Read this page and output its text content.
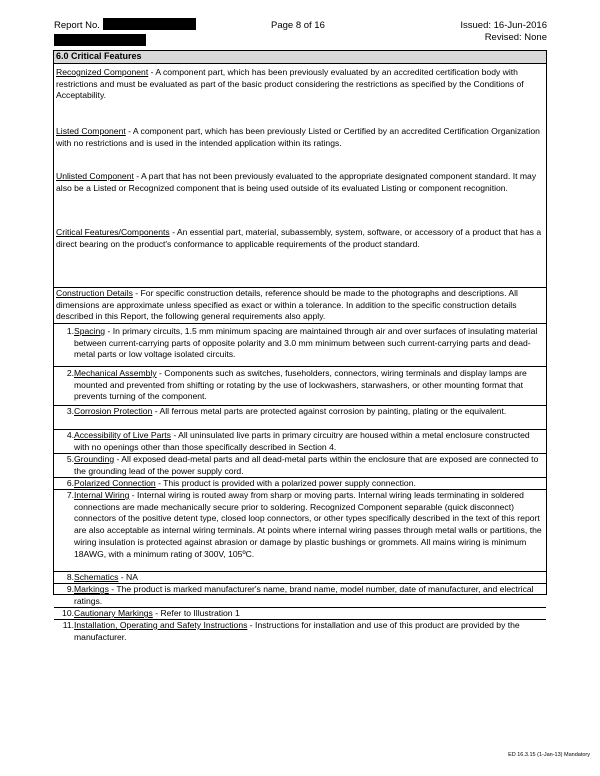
Report No.	Page 8 of 16	Issued: 16-Jun-2016
Revised: None
6.0 Critical Features
Recognized Component - A component part, which has been previously evaluated by an accredited certification body with restrictions and must be evaluated as part of the basic product considering the restrictions as specified by the Conditions of Acceptability.
Listed Component - A component part, which has been previously Listed or Certified by an accredited Certification Organization with no restrictions and is used in the intended application within its ratings.
Unlisted Component - A part that has not been previously evaluated to the appropriate designated component standard. It may also be a Listed or Recognized component that is being used outside of its evaluated Listing or component recognition.
Critical Features/Components - An essential part, material, subassembly, system, software, or accessory of a product that has a direct bearing on the product's conformance to applicable requirements of the product standard.
Construction Details - For specific construction details, reference should be made to the photographs and descriptions. All dimensions are approximate unless specified as exact or within a tolerance. In addition to the specific construction details described in this Report, the following general requirements also apply.
1. Spacing - In primary circuits, 1.5 mm minimum spacing are maintained through air and over surfaces of insulating material between current-carrying parts of opposite polarity and 3.0 mm minimum between such current-carrying parts and dead-metal parts or low voltage isolated circuits.
2. Mechanical Assembly - Components such as switches, fuseholders, connectors, wiring terminals and display lamps are mounted and prevented from shifting or rotating by the use of lockwashers, starwashers, or other mounting format that prevents turning of the component.
3. Corrosion Protection - All ferrous metal parts are protected against corrosion by painting, plating or the equivalent.
4. Accessibility of Live Parts - All uninsulated live parts in primary circuitry are housed within a metal enclosure constructed with no openings other than those specifically described in Section 4.
5. Grounding - All exposed dead-metal parts and all dead-metal parts within the enclosure that are exposed are connected to the grounding lead of the power supply cord.
6. Polarized Connection - This product is provided with a polarized power supply connection.
7. Internal Wiring - Internal wiring is routed away from sharp or moving parts. Internal wiring leads terminating in soldered connections are made mechanically secure prior to soldering. Recognized Component separable (quick disconnect) connectors of the positive detent type, closed loop connectors, or other types specifically described in the text of this report are also acceptable as internal wiring terminals. At points where internal wiring passes through metal walls or partitions, the wiring insulation is protected against abrasion or damage by plastic bushings or grommets. All mains wiring is minimum 18AWG, with a minimum rating of 300V, 105ºC.
8. Schematics - NA
9. Markings - The product is marked manufacturer's name, brand name, model number, date of manufacturer, and electrical ratings.
10. Cautionary Markings - Refer to Illustration 1
11. Installation, Operating and Safety Instructions - Instructions for installation and use of this product are provided by the manufacturer.
ED 16.3.15 (1-Jan-13) Mandatory
